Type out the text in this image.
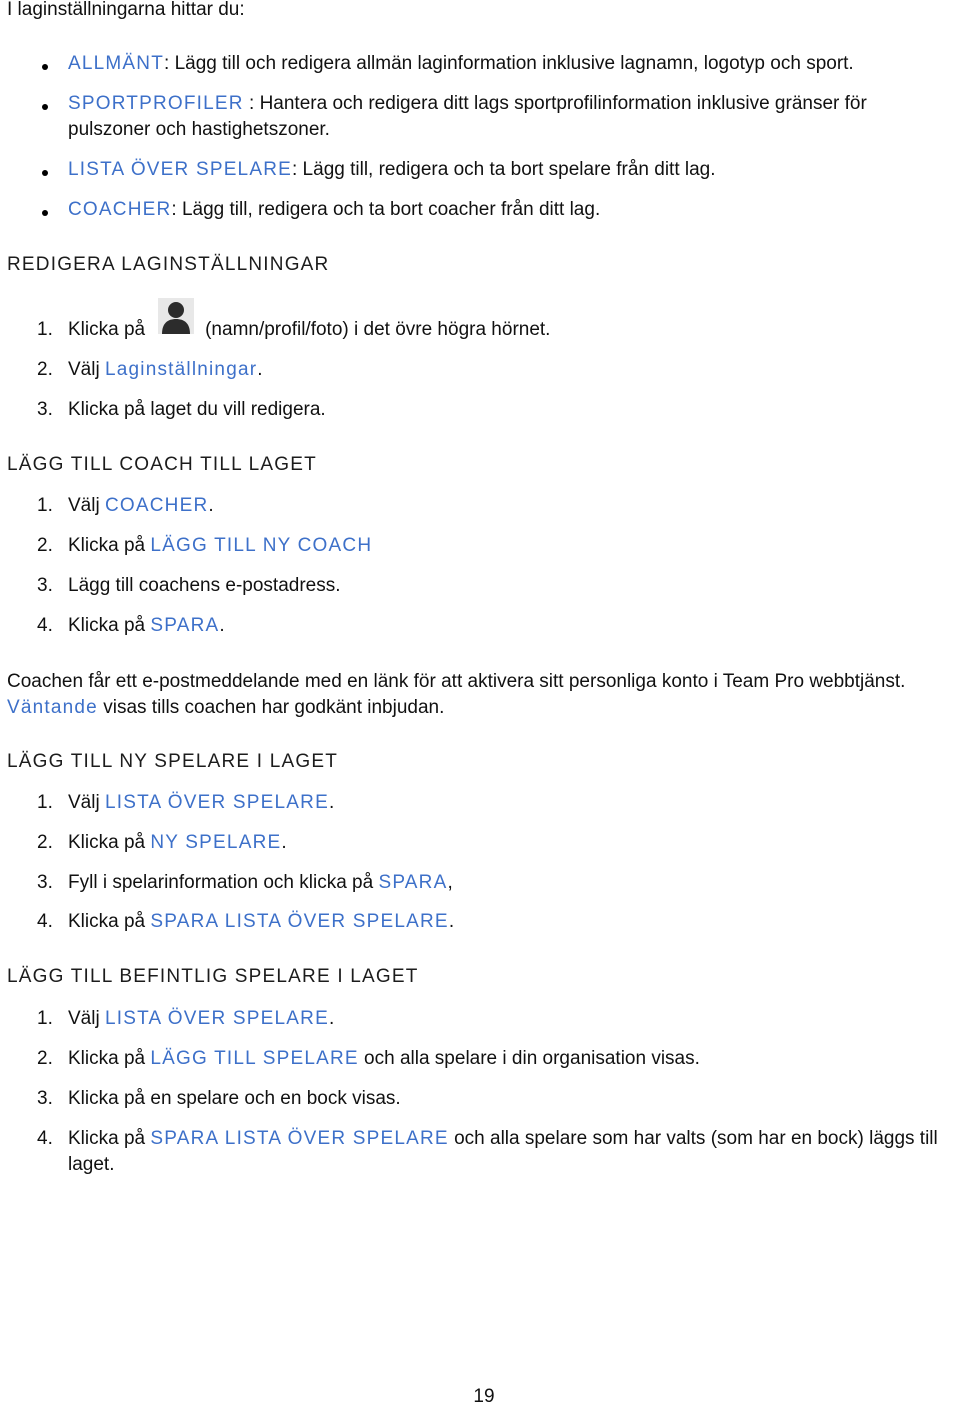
I laginställningarna hittar du:
ALLMÄNT: Lägg till och redigera allmän laginformation inklusive lagnamn, logotyp och sport.
SPORTPROFILER : Hantera och redigera ditt lags sportprofilinformation inklusive gränser för
pulszoner och hastighetszoner.
LISTA ÖVER SPELARE: Lägg till, redigera och ta bort spelare från ditt lag.
COACHER: Lägg till, redigera och ta bort coacher från ditt lag.
REDIGERA LAGINSTÄLLNINGAR
1. Klicka på	(namn/profil/foto) i det övre högra hörnet.
2. Välj Laginställningar.
3. Klicka på laget du vill redigera.
LÄGG TILL COACH TILL LAGET
1. Välj COACHER.
2. Klicka på LÄGG TILL NY COACH
3. Lägg till coachens e-postadress.
4. Klicka på SPARA.
Coachen får ett e-postmeddelande med en länk för att aktivera sitt personliga konto i Team Pro webbtjänst.
Väntande visas tills coachen har godkänt inbjudan.
LÄGG TILL NY SPELARE I LAGET
1. Välj LISTA ÖVER SPELARE.
2. Klicka på NY SPELARE.
3. Fyll i spelarinformation och klicka på SPARA,
4. Klicka på SPARA LISTA ÖVER SPELARE.
LÄGG TILL BEFINTLIG SPELARE I LAGET
1. Välj LISTA ÖVER SPELARE.
2. Klicka på LÄGG TILL SPELARE och alla spelare i din organisation visas.
3. Klicka på en spelare och en bock visas.
4. Klicka på SPARA LISTA ÖVER SPELARE och alla spelare som har valts (som har en bock) läggs till
laget.
19
